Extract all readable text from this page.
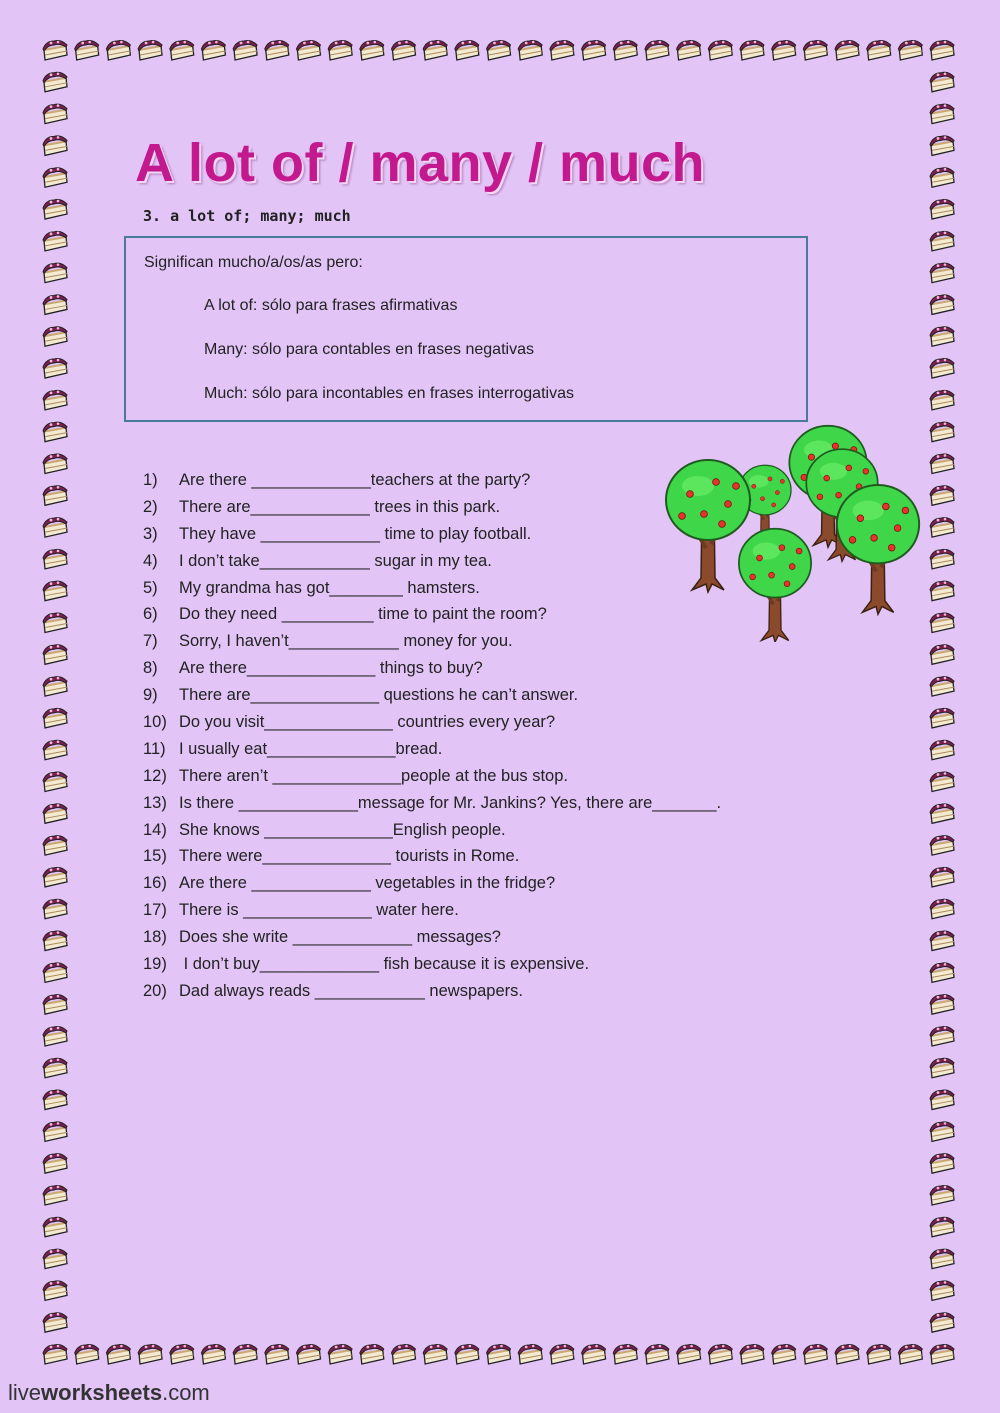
A lot of / many / much
3. a lot of; many; much
Significan mucho/a/os/as pero:
A lot of: sólo para frases afirmativas
Many: sólo para contables en frases negativas
Much: sólo para incontables en frases interrogativas
1) Are there _____________teachers at the party?
2) There are_____________ trees in this park.
3) They have _____________ time to play football.
4) I don’t take____________ sugar in my tea.
5) My grandma has got________ hamsters.
6) Do they need __________ time to paint the room?
7) Sorry, I haven’t____________ money for you.
8) Are there______________ things to buy?
9) There are______________ questions he can’t answer.
10) Do you visit______________ countries every year?
11) I usually eat______________bread.
12) There aren’t ______________people at the bus stop.
13) Is there _____________message for Mr. Jankins? Yes, there are_______.
14) She knows ______________English people.
15) There were______________ tourists in Rome.
16) Are there _____________ vegetables in the fridge?
17) There is ______________ water here.
18) Does she write _____________ messages?
19) I don’t buy_____________ fish because it is expensive.
20) Dad always reads ____________ newspapers.
liveworksheets.com
